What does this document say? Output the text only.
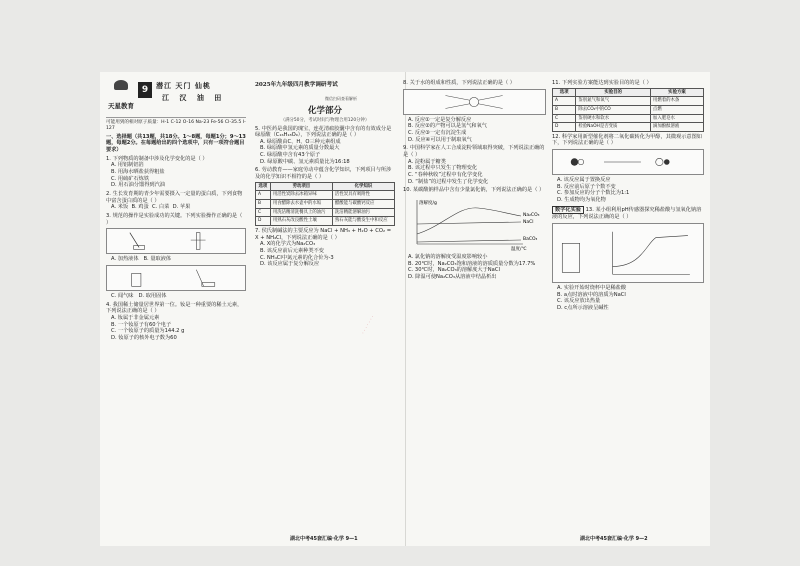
· · · · · · ·
天星教育
9	潜江 天门 仙桃
江 汉 油 田
可能用到的相对原子质量：H-1 C-12 O-16 Na-23 Fe-56 Cl-35.5 I-127
一、选择题（共13题，共18分。1～8题，每题1分；9～13题，每题2分。在每题给出的四个选项中，只有一项符合题目要求）
1. 下列物质的制备中涉及化学变化的是（ ）
A. 用铝制铝箔
B. 用海水晒盐获得粗盐
C. 用硫矿石炼铁
D. 用石油分馏得到汽油
2. 生长发育期的青少年需要摄入一定量的蛋白质，下列食物中富含蛋白质的是（ ）
A. 米饭 B. 鸡蛋 C. 白菜 D. 苹果
3. 规范的操作是实验成功的关键。下列实验操作正确的是（ ）
A. 加热液体 B. 量取液体
C. 闻气味 D. 取用固体
4. 我国稀土储量居世界第一位。钕是一种重要的稀土元素，下列说法正确的是（ ）
A. 钕属于非金属元素
B. 一个钕原子有60个电子
C. 一个钕原子的质量为144.2 g
D. 钕原子的核外电子数为60
2025年九年级四月教学调研考试
微信扫码查看解析
化学部分
（满分50分，考试时间与物理合用120分钟）
5. 中医药是我国的瑰宝，连花清瘟胶囊中含有的有效成分是绿原酸（C₁₆H₁₈O₉），下列说法正确的是（ ）
A. 绿原酸由C、H、O三种元素组成
B. 绿原酸中氢元素的质量分数最大
C. 绿原酸中含有43个原子
D. 绿原酸中碳、氢元素质量比为16:18
6. 劳动教育——家庭劳动中蕴含化学知识，下列项目与所涉及的化学知识不相符的是（ ）
选项	劳动项目	化学知识
A	用活性炭除去冰箱异味	活性炭具有吸附性
B	用食醋除去水壶中的水垢	醋酸能与碳酸钙反应
C	用洗洁精清洗餐具上的油污	洗洁精能溶解油污
D	用熟石灰改良酸性土壤	熟石灰能与酸发生中和反应
7. 侯氏制碱法的主要反应为 NaCl + NH₃ + H₂O + CO₂ = X + NH₄Cl，下列说法正确的是（ ）
A. X的化学式为Na₂CO₃
B. 该反应前后元素种类不变
C. NH₄Cl中氮元素的化合价为-3
D. 该反应属于复分解反应
8. 关于水的组成和性质，下列说法正确的是（ ）
A. 反应①一定是复分解反应
B. 反应②的产物可以是氢气和氧气
C. 反应③一定有沉淀生成
D. 反应④可以用于制取氧气
9. 中国科学家在人工合成淀粉领域取得突破，下列说法正确的是（ ）
A. 淀粉属于糖类
B. 该过程中只发生了物理变化
C. “春种秋收”过程中有化学变化
D. “制盐”的过程中发生了化学变化
10. 某碳酸钠样品中含有少量氯化钠，下列说法正确的是（ ）
溶解度/g
温度/℃
Na₂CO₃
NaCl
BaCO₃
A. 氯化钠的溶解度受温度影响较小
B. 20℃时，Na₂CO₃饱和溶液的溶质质量分数为17.7%
C. 30℃时，Na₂CO₃的溶解度大于NaCl
D. 降温可使Na₂CO₃从溶液中结晶析出
11. 下列实验方案能达到实验目的的是（ ）
选项	实验目的	实验方案
A	鉴别氮气和氧气	用燃着的木条
B	除去CO₂中的CO	点燃
C	鉴别硬水和软水	加入肥皂水
D	检验NaOH是否变质	滴加酚酞溶液
12. 科学家用新型催化剂将二氧化碳转化为甲醇，其微观示意图如下，下列说法正确的是（ ）
A. 该反应属于置换反应
B. 反应前后原子个数不变
C. 参加反应的分子个数比为1:1
D. 生成物均为氧化物
数字化实验 13. 某小组利用pH传感器探究稀盐酸与氢氧化钠溶液的反应，下列说法正确的是（ ）
A. 实验开始时烧杯中是稀盐酸
B. a点时溶液中的溶质为NaCl
C. 该反应放出热量
D. c点所示溶液呈碱性
湖北中考45套汇编·化学 9—1	湖北中考45套汇编·化学 9—2
